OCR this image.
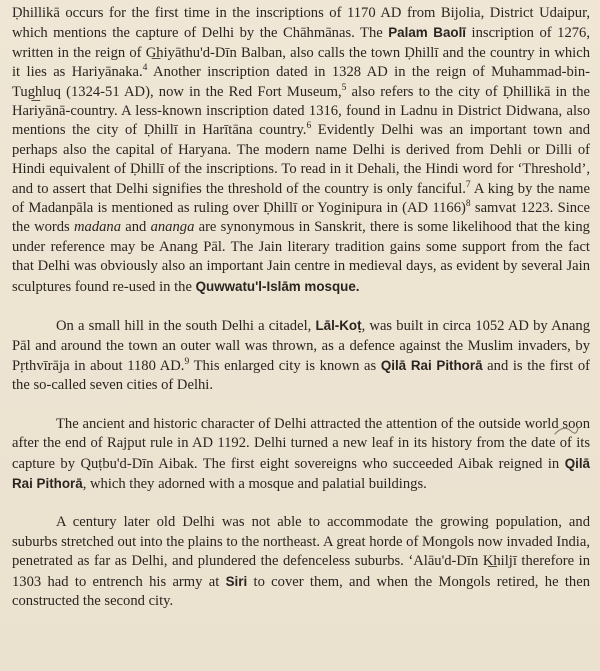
Ḍhillikā occurs for the first time in the inscriptions of 1170 AD from Bijolia, District Udaipur, which mentions the capture of Delhi by the Chāhmānas. The Palam Baolī inscription of 1276, written in the reign of G͟hiyāthu'd-Dīn Balban, also calls the town Ḍhillī and the country in which it lies as Hariyānaka.$^4$ Another inscription dated in 1328 AD in the reign of Muhammad-bin-Tug͟hluq (1324-51 AD), now in the Red Fort Museum,$^5$ also refers to the city of Ḍhillikā in the Hariyānā-country. A less-known inscription dated 1316, found in Ladnu in District Didwana, also mentions the city of Ḍhillī in Harītāna country.$^6$ Evidently Delhi was an important town and perhaps also the capital of Haryana. The modern name Delhi is derived from Dehli or Dilli of Hindi equivalent of Ḍhillī of the inscriptions. To read in it Dehali, the Hindi word for ‘Threshold’, and to assert that Delhi signifies the threshold of the country is only fanciful.$^7$ A king by the name of Madanpāla is mentioned as ruling over Ḍhillī or Yoginipura in (AD 1166)$^8$ samvat 1223. Since the words madana and ananga are synonymous in Sanskrit, there is some likelihood that the king under reference may be Anang Pāl. The Jain literary tradition gains some support from the fact that Delhi was obviously also an important Jain centre in medieval days, as evident by several Jain sculptures found re-used in the Quwwatu'l-Islām mosque.

On a small hill in the south Delhi a citadel, Lāl-Koṭ, was built in circa 1052 AD by Anang Pāl and around the town an outer wall was thrown, as a defence against the Muslim invaders, by Pṛthvīrāja in about 1180 AD.$^9$ This enlarged city is known as Qilā Rai Pithorā and is the first of the so-called seven cities of Delhi.

The ancient and historic character of Delhi attracted the attention of the outside world soon after the end of Rajput rule in AD 1192. Delhi turned a new leaf in its history from the date of its capture by Quṭbu'd-Dīn Aibak. The first eight sovereigns who succeeded Aibak reigned in Qilā Rai Pithorā, which they adorned with a mosque and palatial buildings.

A century later old Delhi was not able to accommodate the growing population, and suburbs stretched out into the plains to the northeast. A great horde of Mongols now invaded India, penetrated as far as Delhi, and plundered the defenceless suburbs. ‘Alāu'd-Dīn K͟hiljī therefore in 1303 had to entrench his army at Siri to cover them, and when the Mongols retired, he then constructed the second city.
